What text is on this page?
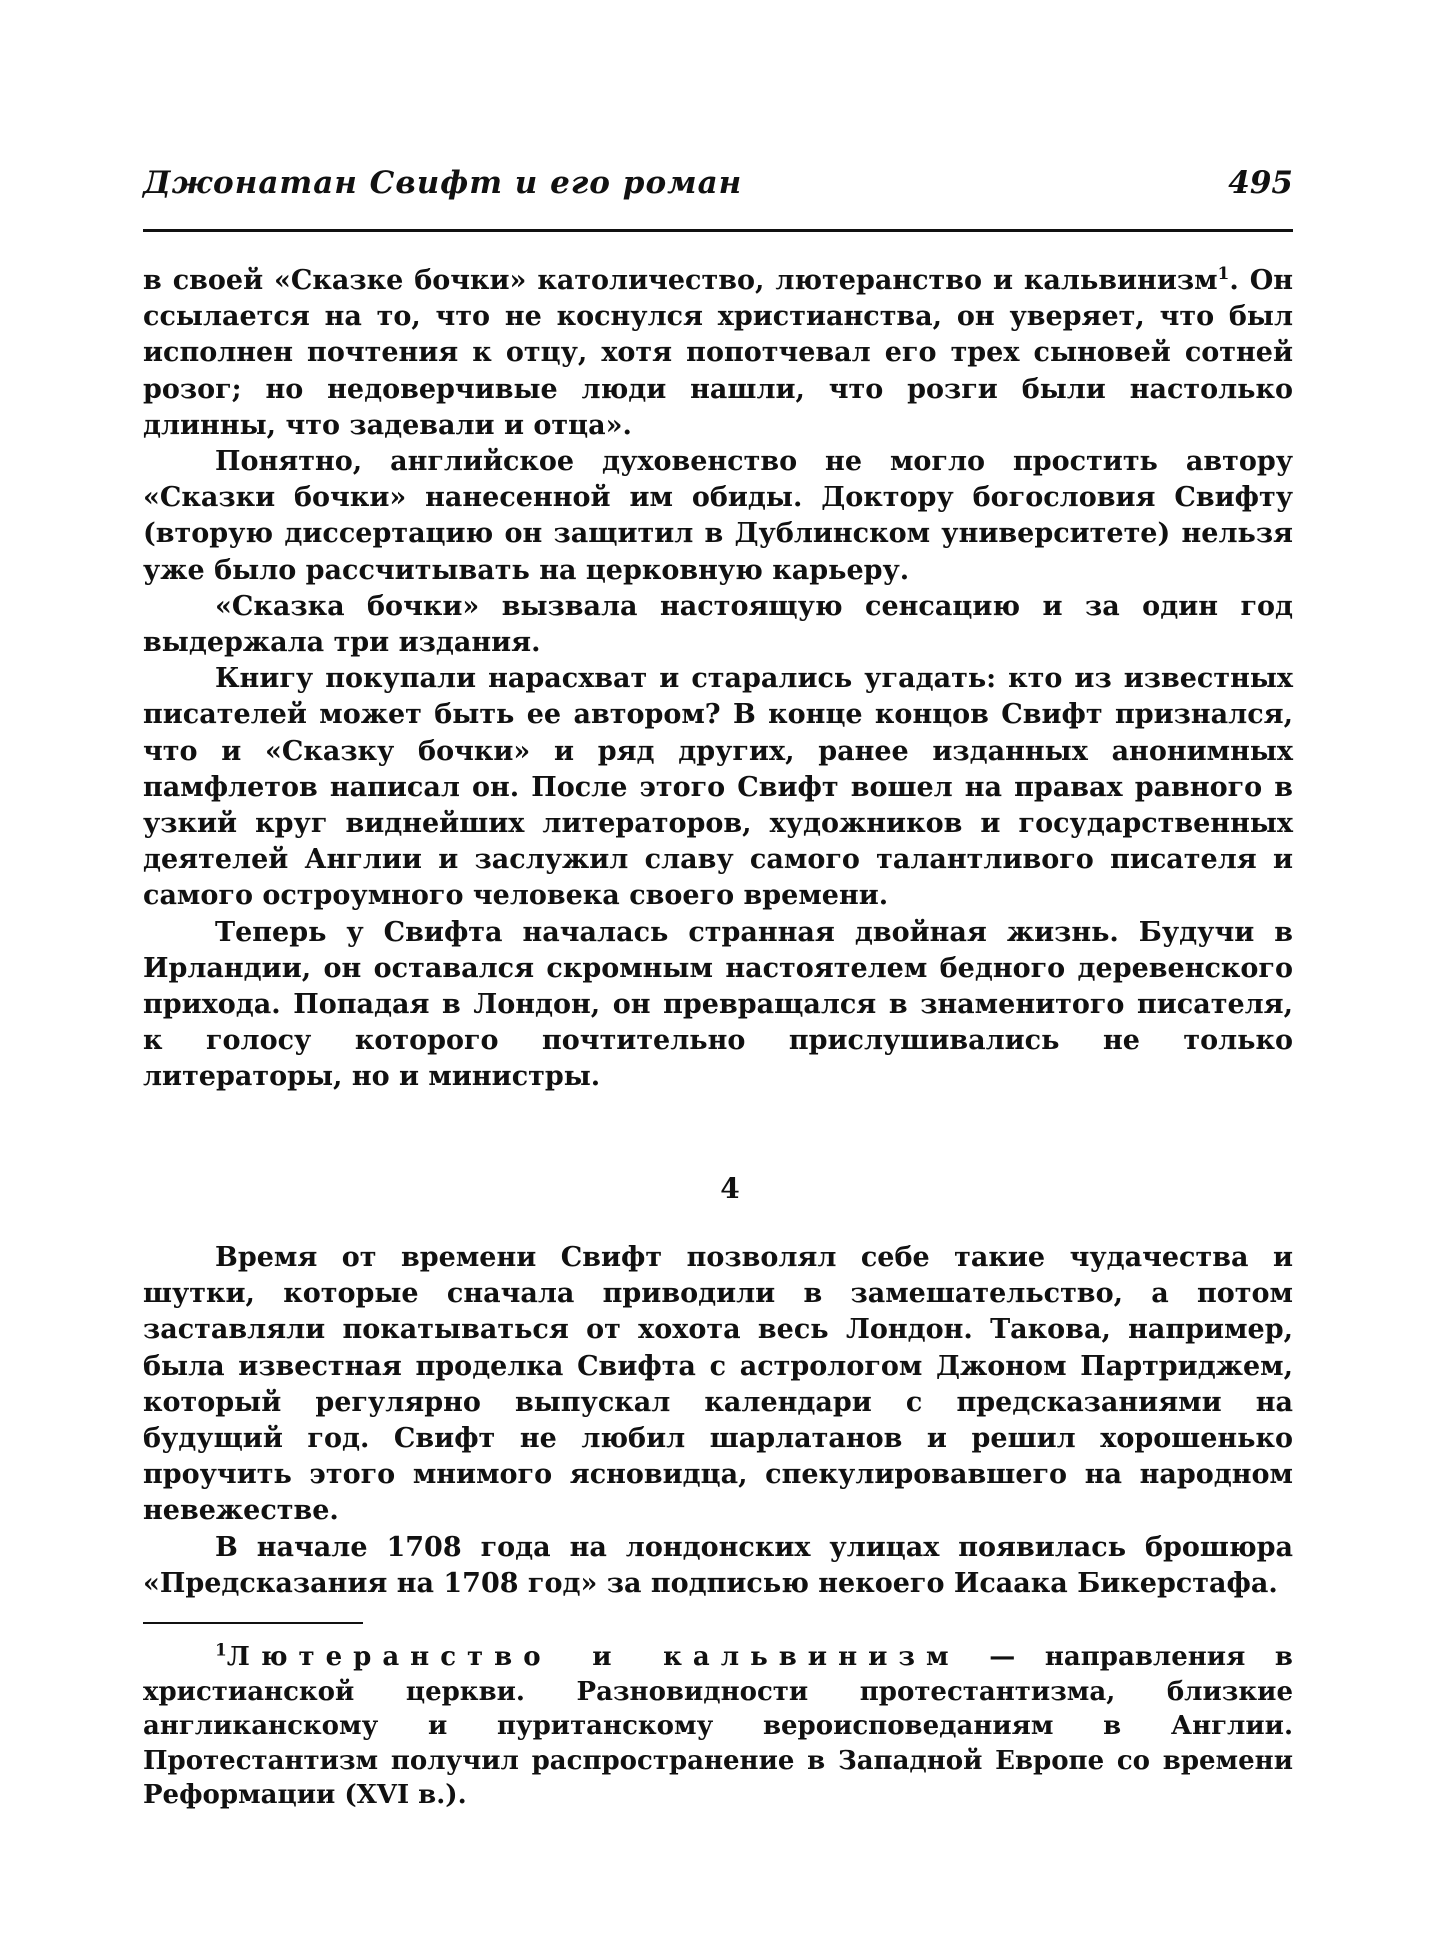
Джонатан Свифт и его роман	495

в своей «Сказке бочки» католичество, лютеранство и кальвинизм$^1$. Он ссылается на то, что не коснулся христианства, он уверяет, что был исполнен почтения к отцу, хотя попотчевал его трех сыновей сотней розог; но недоверчивые люди нашли, что розги были настолько длинны, что задевали и отца».

Понятно, английское духовенство не могло простить автору «Сказки бочки» нанесенной им обиды. Доктору богословия Свифту (вторую диссертацию он защитил в Дублинском университете) нельзя уже было рассчитывать на церковную карьеру.

«Сказка бочки» вызвала настоящую сенсацию и за один год выдержала три издания.

Книгу покупали нарасхват и старались угадать: кто из известных писателей может быть ее автором? В конце концов Свифт признался, что и «Сказку бочки» и ряд других, ранее изданных анонимных памфлетов написал он. После этого Свифт вошел на правах равного в узкий круг виднейших литераторов, художников и государственных деятелей Англии и заслужил славу самого талантливого писателя и самого остроумного человека своего времени.

Теперь у Свифта началась странная двойная жизнь. Будучи в Ирландии, он оставался скромным настоятелем бедного деревенского прихода. Попадая в Лондон, он превращался в знаменитого писателя, к голосу которого почтительно прислушивались не только литераторы, но и министры.

4

Время от времени Свифт позволял себе такие чудачества и шутки, которые сначала приводили в замешательство, а потом заставляли покатываться от хохота весь Лондон. Такова, например, была известная проделка Свифта с астрологом Джоном Партриджем, который регулярно выпускал календари с предсказаниями на будущий год. Свифт не любил шарлатанов и решил хорошенько проучить этого мнимого ясновидца, спекулировавшего на народном невежестве.

В начале 1708 года на лондонских улицах появилась брошюра «Предсказания на 1708 год» за подписью некоего Исаака Бикерстафа.

$^1$Лютеранство и кальвинизм — направления в христианской церкви. Разновидности протестантизма, близкие англиканскому и пуританскому вероисповеданиям в Англии. Протестантизм получил распространение в Западной Европе со времени Реформации (XVI в.).
